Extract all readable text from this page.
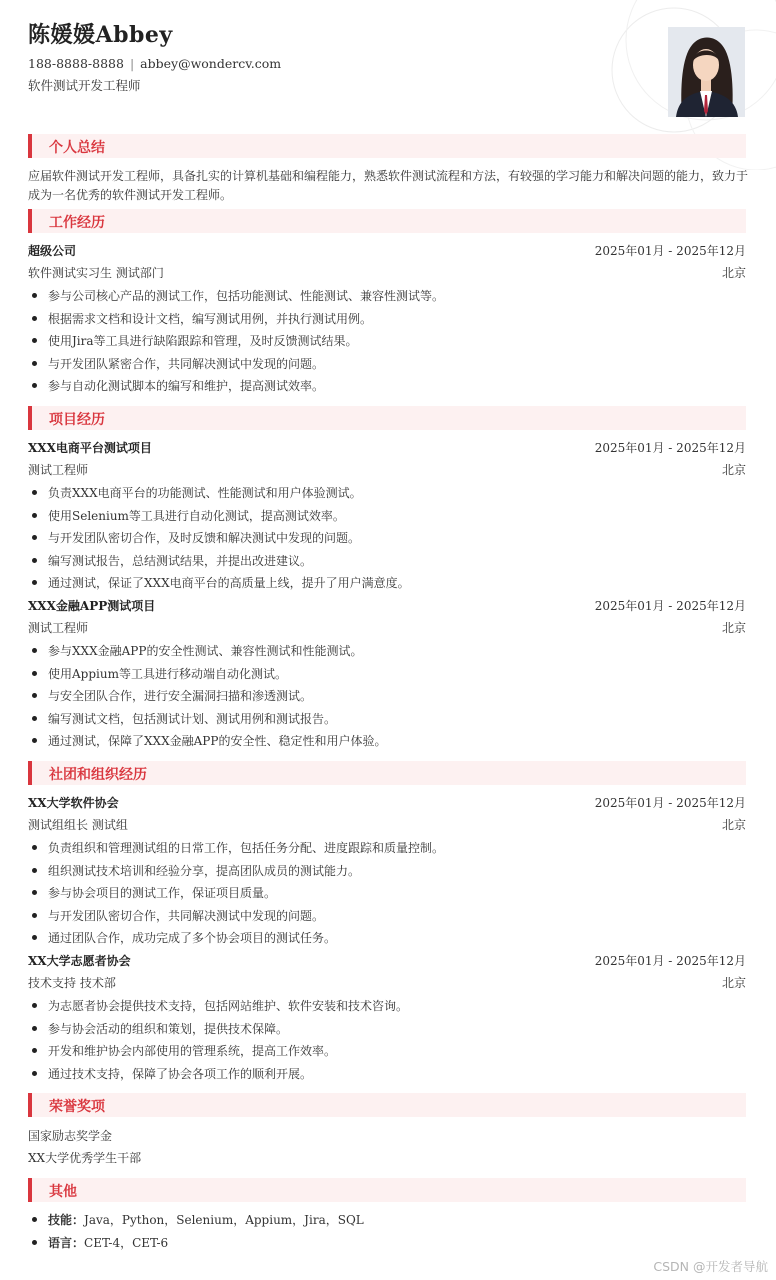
陈媛媛Abbey
188-8888-8888 | abbey@wondercv.com
软件测试开发工程师
个人总结
应届软件测试开发工程师，具备扎实的计算机基础和编程能力，熟悉软件测试流程和方法，有较强的学习能力和解决问题的能力，致力于成为一名优秀的软件测试开发工程师。
工作经历
超级公司	2025年01月 - 2025年12月
软件测试实习生 测试部门	北京
参与公司核心产品的测试工作，包括功能测试、性能测试、兼容性测试等。
根据需求文档和设计文档，编写测试用例，并执行测试用例。
使用Jira等工具进行缺陷跟踪和管理，及时反馈测试结果。
与开发团队紧密合作，共同解决测试中发现的问题。
参与自动化测试脚本的编写和维护，提高测试效率。
项目经历
XXX电商平台测试项目	2025年01月 - 2025年12月
测试工程师	北京
负责XXX电商平台的功能测试、性能测试和用户体验测试。
使用Selenium等工具进行自动化测试，提高测试效率。
与开发团队密切合作，及时反馈和解决测试中发现的问题。
编写测试报告，总结测试结果，并提出改进建议。
通过测试，保证了XXX电商平台的高质量上线，提升了用户满意度。
XXX金融APP测试项目	2025年01月 - 2025年12月
测试工程师	北京
参与XXX金融APP的安全性测试、兼容性测试和性能测试。
使用Appium等工具进行移动端自动化测试。
与安全团队合作，进行安全漏洞扫描和渗透测试。
编写测试文档，包括测试计划、测试用例和测试报告。
通过测试，保障了XXX金融APP的安全性、稳定性和用户体验。
社团和组织经历
XX大学软件协会	2025年01月 - 2025年12月
测试组组长 测试组	北京
负责组织和管理测试组的日常工作，包括任务分配、进度跟踪和质量控制。
组织测试技术培训和经验分享，提高团队成员的测试能力。
参与协会项目的测试工作，保证项目质量。
与开发团队密切合作，共同解决测试中发现的问题。
通过团队合作，成功完成了多个协会项目的测试任务。
XX大学志愿者协会	2025年01月 - 2025年12月
技术支持 技术部	北京
为志愿者协会提供技术支持，包括网站维护、软件安装和技术咨询。
参与协会活动的组织和策划，提供技术保障。
开发和维护协会内部使用的管理系统，提高工作效率。
通过技术支持，保障了协会各项工作的顺利开展。
荣誉奖项
国家励志奖学金
XX大学优秀学生干部
其他
技能：Java，Python，Selenium，Appium，Jira，SQL
语言：CET-4，CET-6
CSDN @开发者导航
